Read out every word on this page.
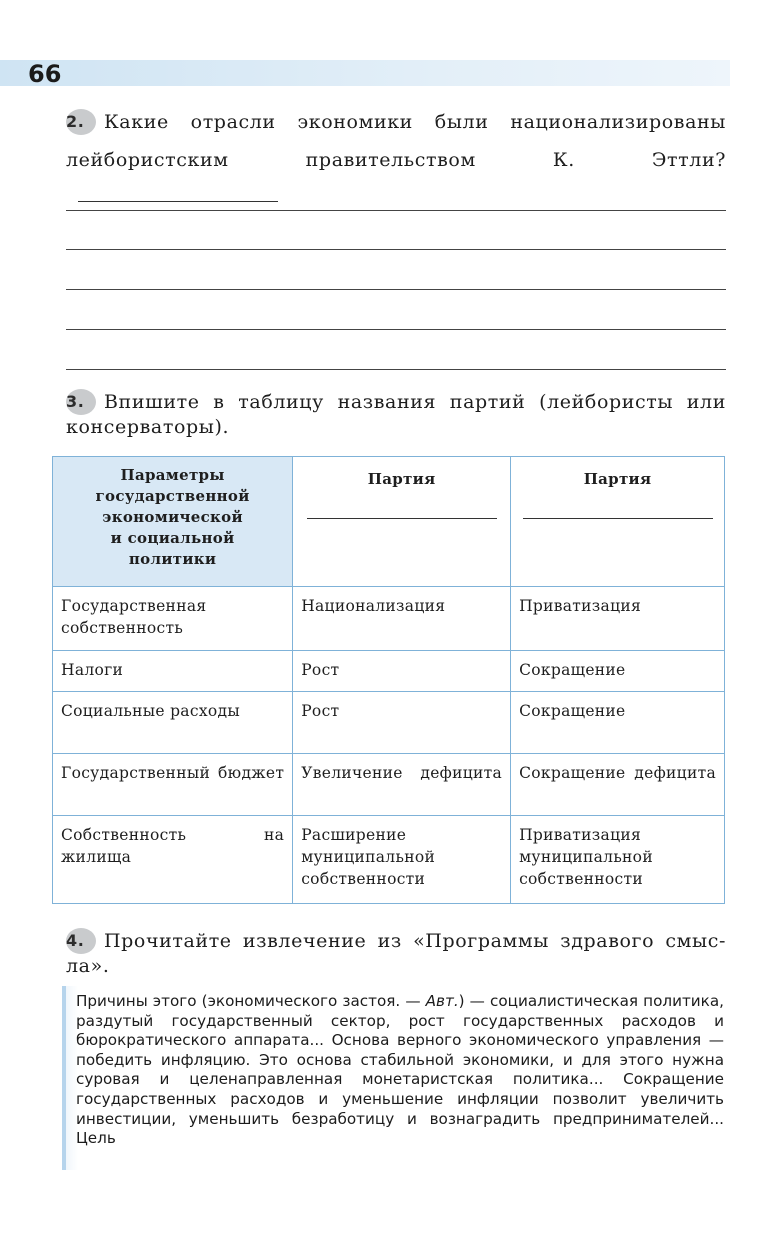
66
2. Какие отрасли экономики были национализированы
лейбористским правительством К. Эттли?
3. Впишите в таблицу названия партий (лейбористы или
консерваторы).
Параметры
государственной
экономической
и социальной
политики	Партия	Партия

Государственная собственность	Национализация	Приватизация
Налоги	Рост	Сокращение
Социальные расходы	Рост	Сокращение
Государственный бюджет	Увеличение дефицита	Сокращение дефицита
Собственность на жилища	Расширение муниципальной собственности	Приватизация муниципальной собственности
4. Прочитайте извлечение из «Программы здравого смыс-
ла».

Причины этого (экономического застоя. — Авт.) — социалистическая политика, раздутый государственный сектор, рост государственных расходов и бюрократического аппарата... Основа верного экономического управления — победить инфляцию. Это основа стабильной экономики, и для этого нужна суровая и целенаправленная монетаристская политика... Сокращение государственных расходов и уменьшение инфляции позволит увеличить инвестиции, уменьшить безработицу и вознаградить предпринимателей... Цель
